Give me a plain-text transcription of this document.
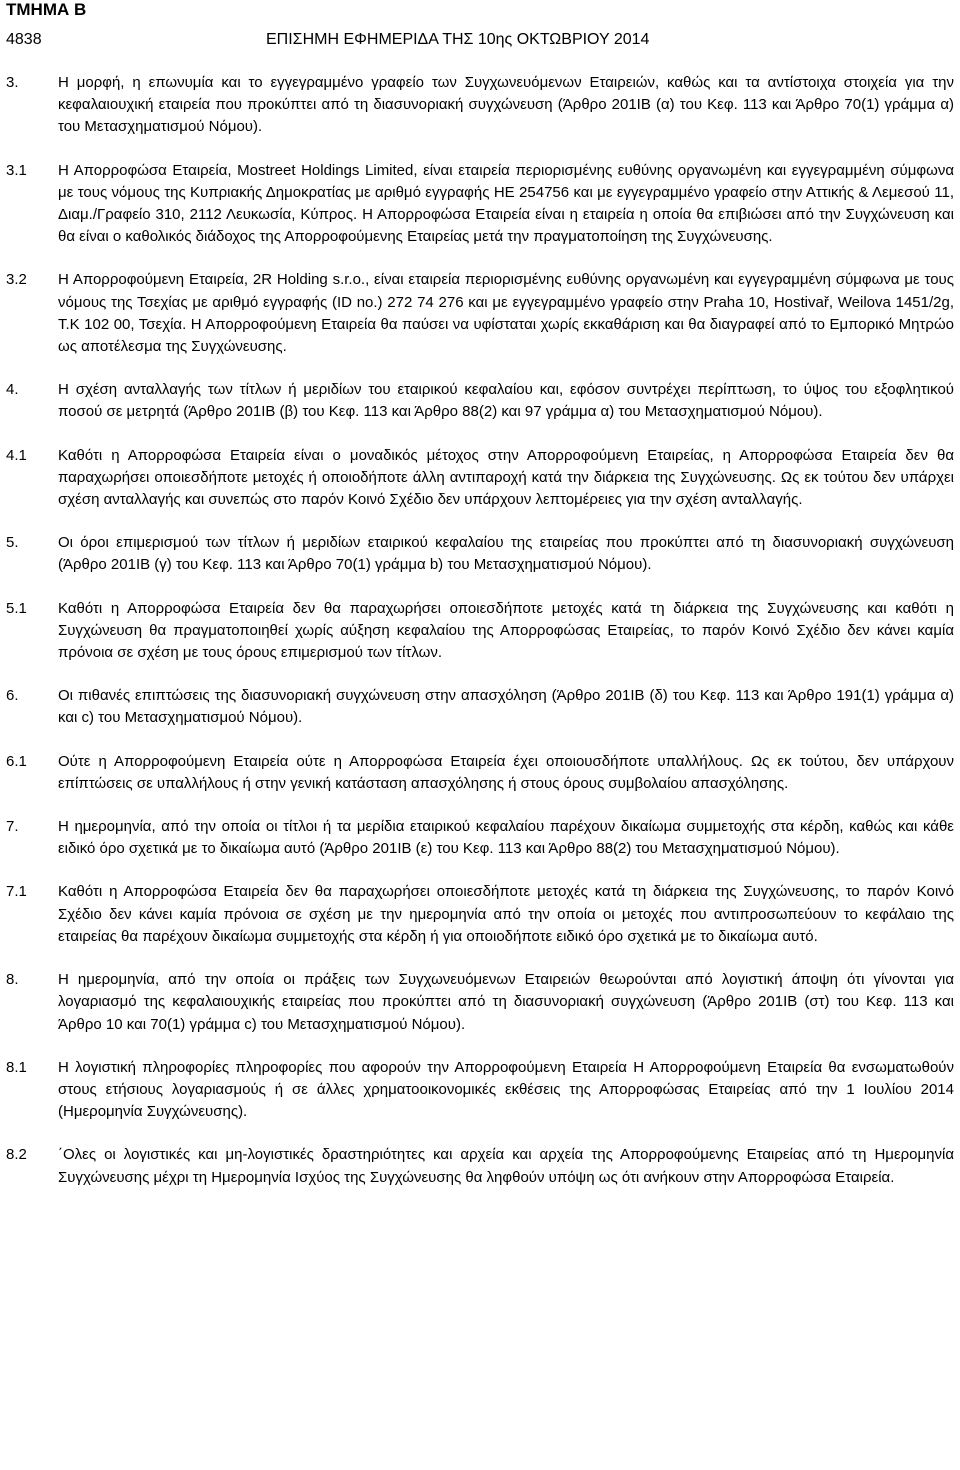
ΤΜΗΜΑ Β
4838	ΕΠΙΣΗΜΗ ΕΦΗΜΕΡΙΔΑ ΤΗΣ 10ης ΟΚΤΩΒΡΙΟΥ 2014
3.	Η μορφή, η επωνυμία και το εγγεγραμμένο γραφείο των Συγχωνευόμενων Εταιρειών, καθώς και τα αντίστοιχα στοιχεία για την κεφαλαιουχική εταιρεία που προκύπτει από τη διασυνοριακή συγχώνευση (Άρθρο 201ΙΒ (α) του Κεφ. 113 και Άρθρο 70(1) γράμμα α) του Μετασχηματισμού Νόμου).
3.1 Η Απορροφώσα Εταιρεία, Mostreet Holdings Limited, είναι εταιρεία περιορισμένης ευθύνης οργανωμένη και εγγεγραμμένη σύμφωνα με τους νόμους της Κυπριακής Δημοκρατίας με αριθμό εγγραφής ΗΕ 254756 και με εγγεγραμμένο γραφείο στην Αττικής & Λεμεσού 11, Διαμ./Γραφείο 310, 2112 Λευκωσία, Κύπρος. Η Απορροφώσα Εταιρεία είναι η εταιρεία η οποία θα επιβιώσει από την Συγχώνευση και θα είναι ο καθολικός διάδοχος της Απορροφούμενης Εταιρείας μετά την πραγματοποίηση της Συγχώνευσης.
3.2 Η Απορροφούμενη Εταιρεία, 2R Holding s.r.o., είναι εταιρεία περιορισμένης ευθύνης οργανωμένη και εγγεγραμμένη σύμφωνα με τους νόμους της Τσεχίας με αριθμό εγγραφής (ID no.) 272 74 276 και με εγγεγραμμένο γραφείο στην Praha 10, Hostivař, Weilova 1451/2g, Τ.Κ 102 00, Τσεχία. Η Απορροφούμενη Εταιρεία θα παύσει να υφίσταται χωρίς εκκαθάριση και θα διαγραφεί από το Εμπορικό Μητρώο ως αποτέλεσμα της Συγχώνευσης.
4.	Η σχέση ανταλλαγής των τίτλων ή μεριδίων του εταιρικού κεφαλαίου και, εφόσον συντρέχει περίπτωση, το ύψος του εξοφλητικού ποσού σε μετρητά (Άρθρο 201ΙΒ (β) του Κεφ. 113 και Άρθρο 88(2) και 97 γράμμα α) του Μετασχηματισμού Νόμου).
4.1 Καθότι η Απορροφώσα Εταιρεία είναι ο μοναδικός μέτοχος στην Απορροφούμενη Εταιρείας, η Απορροφώσα Εταιρεία δεν θα παραχωρήσει οποιεσδήποτε μετοχές ή οποιοδήποτε άλλη αντιπαροχή κατά την διάρκεια της Συγχώνευσης. Ως εκ τούτου δεν υπάρχει σχέση ανταλλαγής και συνεπώς στο παρόν Κοινό Σχέδιο δεν υπάρχουν λεπτομέρειες για την σχέση ανταλλαγής.
5.	Οι όροι επιμερισμού των τίτλων ή μεριδίων εταιρικού κεφαλαίου της εταιρείας που προκύπτει από τη διασυνοριακή συγχώνευση (Άρθρο 201ΙΒ (γ) του Κεφ. 113 και Άρθρο 70(1) γράμμα b) του Μετασχηματισμού Νόμου).
5.1 Καθότι η Απορροφώσα Εταιρεία δεν θα παραχωρήσει οποιεσδήποτε μετοχές κατά τη διάρκεια της Συγχώνευσης και καθότι η Συγχώνευση θα πραγματοποιηθεί χωρίς αύξηση κεφαλαίου της Απορροφώσας Εταιρείας, το παρόν Κοινό Σχέδιο δεν κάνει καμία πρόνοια σε σχέση με τους όρους επιμερισμού των τίτλων.
6.	Οι πιθανές επιπτώσεις της διασυνοριακή συγχώνευση στην απασχόληση (Άρθρο 201ΙΒ (δ) του Κεφ. 113 και Άρθρο 191(1) γράμμα α) και c) του Μετασχηματισμού Νόμου).
6.1 Ούτε η Απορροφούμενη Εταιρεία ούτε η Απορροφώσα Εταιρεία έχει οποιουσδήποτε υπαλλήλους. Ως εκ τούτου, δεν υπάρχουν επίπτώσεις σε υπαλλήλους ή στην γενική κατάσταση απασχόλησης ή στους όρους συμβολαίου απασχόλησης.
7.	Η ημερομηνία, από την οποία οι τίτλοι ή τα μερίδια εταιρικού κεφαλαίου παρέχουν δικαίωμα συμμετοχής στα κέρδη, καθώς και κάθε ειδικό όρο σχετικά με το δικαίωμα αυτό (Άρθρο 201ΙΒ (ε) του Κεφ. 113 και Άρθρο 88(2) του Μετασχηματισμού Νόμου).
7.1 Καθότι η Απορροφώσα Εταιρεία δεν θα παραχωρήσει οποιεσδήποτε μετοχές κατά τη διάρκεια της Συγχώνευσης, το παρόν Κοινό Σχέδιο δεν κάνει καμία πρόνοια σε σχέση με την ημερομηνία από την οποία οι μετοχές που αντιπροσωπεύουν το κεφάλαιο της εταιρείας θα παρέχουν δικαίωμα συμμετοχής στα κέρδη ή για οποιοδήποτε ειδικό όρο σχετικά με το δικαίωμα αυτό.
8.	Η ημερομηνία, από την οποία οι πράξεις των Συγχωνευόμενων Εταιρειών θεωρούνται από λογιστική άποψη ότι γίνονται για λογαριασμό της κεφαλαιουχικής εταιρείας που προκύπτει από τη διασυνοριακή συγχώνευση (Άρθρο 201ΙΒ (στ) του Κεφ. 113 και Άρθρο 10 και 70(1) γράμμα c) του Μετασχηματισμού Νόμου).
8.1 Η λογιστική πληροφορίες πληροφορίες που αφορούν την Απορροφούμενη Εταιρεία Η Απορροφούμενη Εταιρεία θα ενσωματωθούν στους ετήσιους λογαριασμούς ή σε άλλες χρηματοοικονομικές εκθέσεις της Απορροφώσας Εταιρείας από την 1 Ιουλίου 2014 (Ημερομηνία Συγχώνευσης).
8.2 ΄Ολες οι λογιστικές και μη-λογιστικές δραστηριότητες και αρχεία και αρχεία της Απορροφούμενης Εταιρείας από τη Ημερομηνία Συγχώνευσης μέχρι τη Ημερομηνία Ισχύος της Συγχώνευσης θα ληφθούν υπόψη ως ότι ανήκουν στην Απορροφώσα Εταιρεία.
